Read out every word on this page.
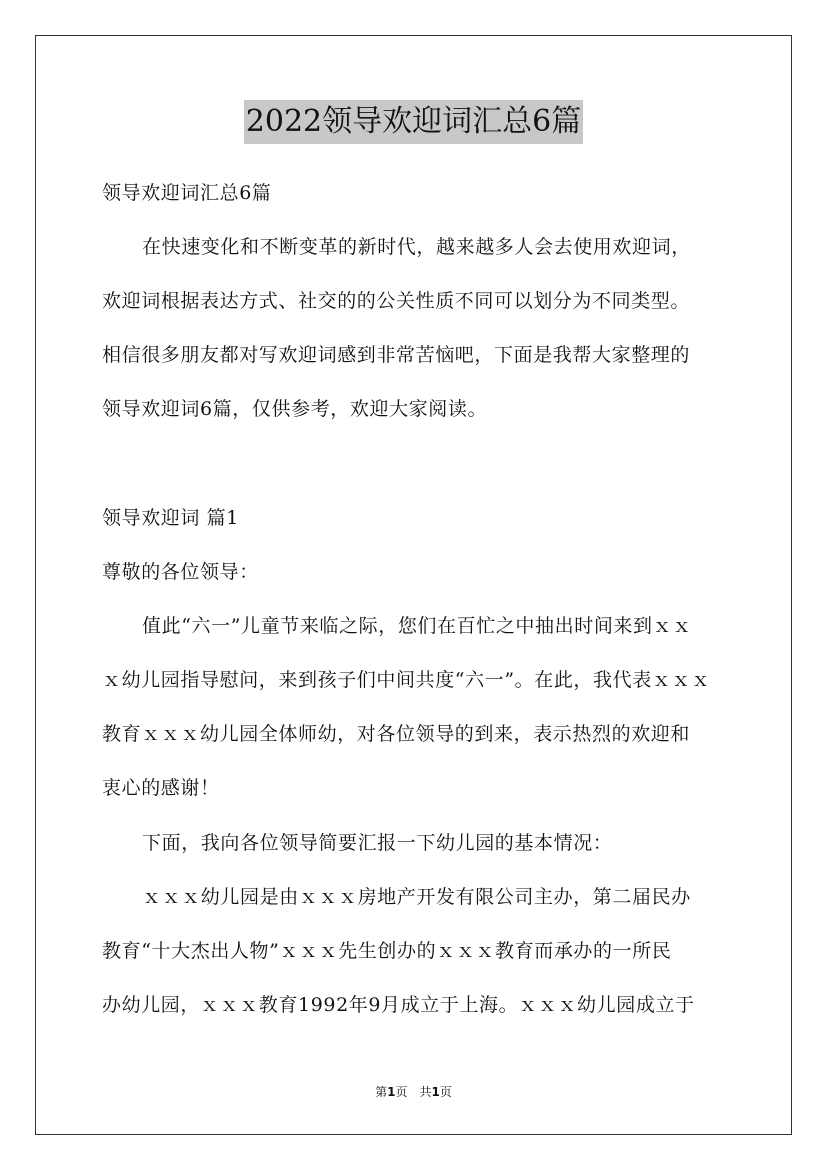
2022领导欢迎词汇总6篇
领导欢迎词汇总6篇
在快速变化和不断变革的新时代，越来越多人会去使用欢迎词，
欢迎词根据表达方式、社交的的公关性质不同可以划分为不同类型。
相信很多朋友都对写欢迎词感到非常苦恼吧，下面是我帮大家整理的
领导欢迎词6篇，仅供参考，欢迎大家阅读。
领导欢迎词 篇1
尊敬的各位领导：
值此“六一”儿童节来临之际，您们在百忙之中抽出时间来到ｘｘ
ｘ幼儿园指导慰问，来到孩子们中间共度“六一”。在此，我代表ｘｘｘ
教育ｘｘｘ幼儿园全体师幼，对各位领导的到来，表示热烈的欢迎和
衷心的感谢！
下面，我向各位领导简要汇报一下幼儿园的基本情况：
ｘｘｘ幼儿园是由ｘｘｘ房地产开发有限公司主办，第二届民办
教育“十大杰出人物”ｘｘｘ先生创办的ｘｘｘ教育而承办的一所民
办幼儿园，ｘｘｘ教育1992年9月成立于上海。ｘｘｘ幼儿园成立于
第1页　共1页
